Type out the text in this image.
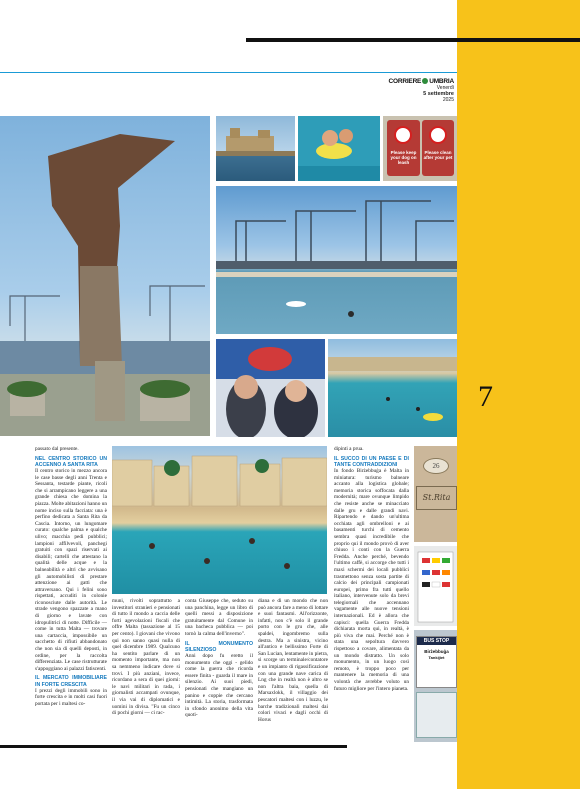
7
CORRIERE UMBRIA
Venerdì
5 settembre
2025
Please keep your dog on leash
Please clean after your pet
26
St.Rita
BUS STOP
Birżebbuġa
Tankijiet

passato dal presente.

NEL CENTRO STORICO UN ACCENNO A SANTA RITA

Il centro storico in mezzo ancora le case basse degli anni Trenta e Sessanta, testarde piante, ricoli che si arrampicano leggere a una grande chiesa che domina la piazza. Molte abitazioni hanno un nome inciso sulla facciata: una è perfino dedicata a Santa Rita da Cascia. Intorno, un lungomare curato: qualche palma e qualche ulivo; macchia pedi pubblici; lampioni affilvevoli, panchegi gratuiti con spazi riservati ai disabili; cartelli che attestano la qualità delle acque e la balneabilità e altri che avvisano gli automobilisti di prestare attenzione ai gatti che attraversano. Qui i felini sono rispettati, accuditi in colonie riconosciute dalle autorità. Le strade vengono spazzate a mano di giorno e lavate con idropulitrici di notte. Difficile — come in tutta Malta — trovare una cartaccia, impossibile un sacchetto di rifiuti abbandonato che non sia di quelli deposti, in ordine, per la raccolta differenziata. Le case ristrutturate s'appoggiano ai palazzi fatiscenti.

IL MERCATO IMMOBILIARE IN FORTE CRESCITA

I prezzi degli immobili sono in forte crescita e in molti casi fuori portata per i maltesi co-

muni, rivolti soprattutto a investitori stranieri e pensionati di tutto il mondo a caccia delle forti agevolazioni fiscali che offre Malta (tassazione al 15 per cento). I giovani che vivono qui non sanno quasi nulla di quel dicembre 1989. Qualcuno ha sentito parlare di un momento importante, ma non sa nemmeno indicare dove si trovi. I più anziani, invece, ricordano a sera di quei giorni: le navi militari in rada, i giornalisti accampati ovunque, il via vai di diplomatici e uomini in divisa. "Fu un cinco di pochi giorni — ci rac-

conta Giuseppe che, seduto su una panchina, legge un libro di quelli messi a disposizione gratuitamente dal Comune in una bacheca pubblica — poi tornò la calma dell'inverno".

IL MONUMENTO SILENZIOSO

Anni dopo fu eretto il monumento che oggi - gelido come la guerra che ricorda essere finita - guarda il mare in silenzio. Ai suoi piedi, pensionati che mangiano un panino e coppie che cercano intimità. La storia, trasformata in sfondo anonimo della vita quoti-

diana e di un mondo che non può ancora fare a meno di lottare e suoi fantasmi. All'orizzonte, infatti, non c'è solo il grande porto con le gru che, alle spaldei, ingombremo sulla destra. Ma a sinistra, vicino all'antico e bellissimo Forte di San Lucian, lentamente in pietra, si scorge un terminale/contatore e un impianto di rigassificazione con una grande nave carica di Lng che in realtà non è altro se non l'altra baia, quella di Marsaxlokk, il villaggio dei pescatori maltesi con i luzzu, le barche tradizionali maltesi dai colori vivaci e dagli occhi di Horus

dipinti a prua.

IL SUCCO DI UN PAESE E DI TANTE CONTRADDIZIONI

In fondo Birżebbuġa è Malta in miniatura: turismo balneare accanto alla logistica globale; memoria storica soffocata dalla modernità; mare ovunque limpido che resiste anche se minacciato dalle gru e dalle grandi navi. Ripartendo e dando un'ultima occhiata agli ombrelloni e ai basamenti turchi di cemento sembra quasi incredibile che proprio qui il mondo provò di aver chiuso i conti con la Guerra Fredda. Anche perché, bevendo l'ultimo caffè, si accorge che tutti i maxi schermi dei locali pubblici trasmettono senza sosta partite di calcio dei principali campionati europei, primo fra tutti quello italiano, intervenute solo da brevi telegiornali che accennano vagamente alle nuove tensioni internazionali. Ed è allora che capisci: quella Guerra Fredda dichiarata morta qui, in realtà, è più viva che mai. Perché non è stata una sepoltura davvero rispettoso a covare, alimentata da un mondo distratto. Un solo monumento, in un luogo così remoto, è troppo poco per mantenere la memoria di una volontà che avrebbe voluto un futuro migliore per l'intero pianeta.
